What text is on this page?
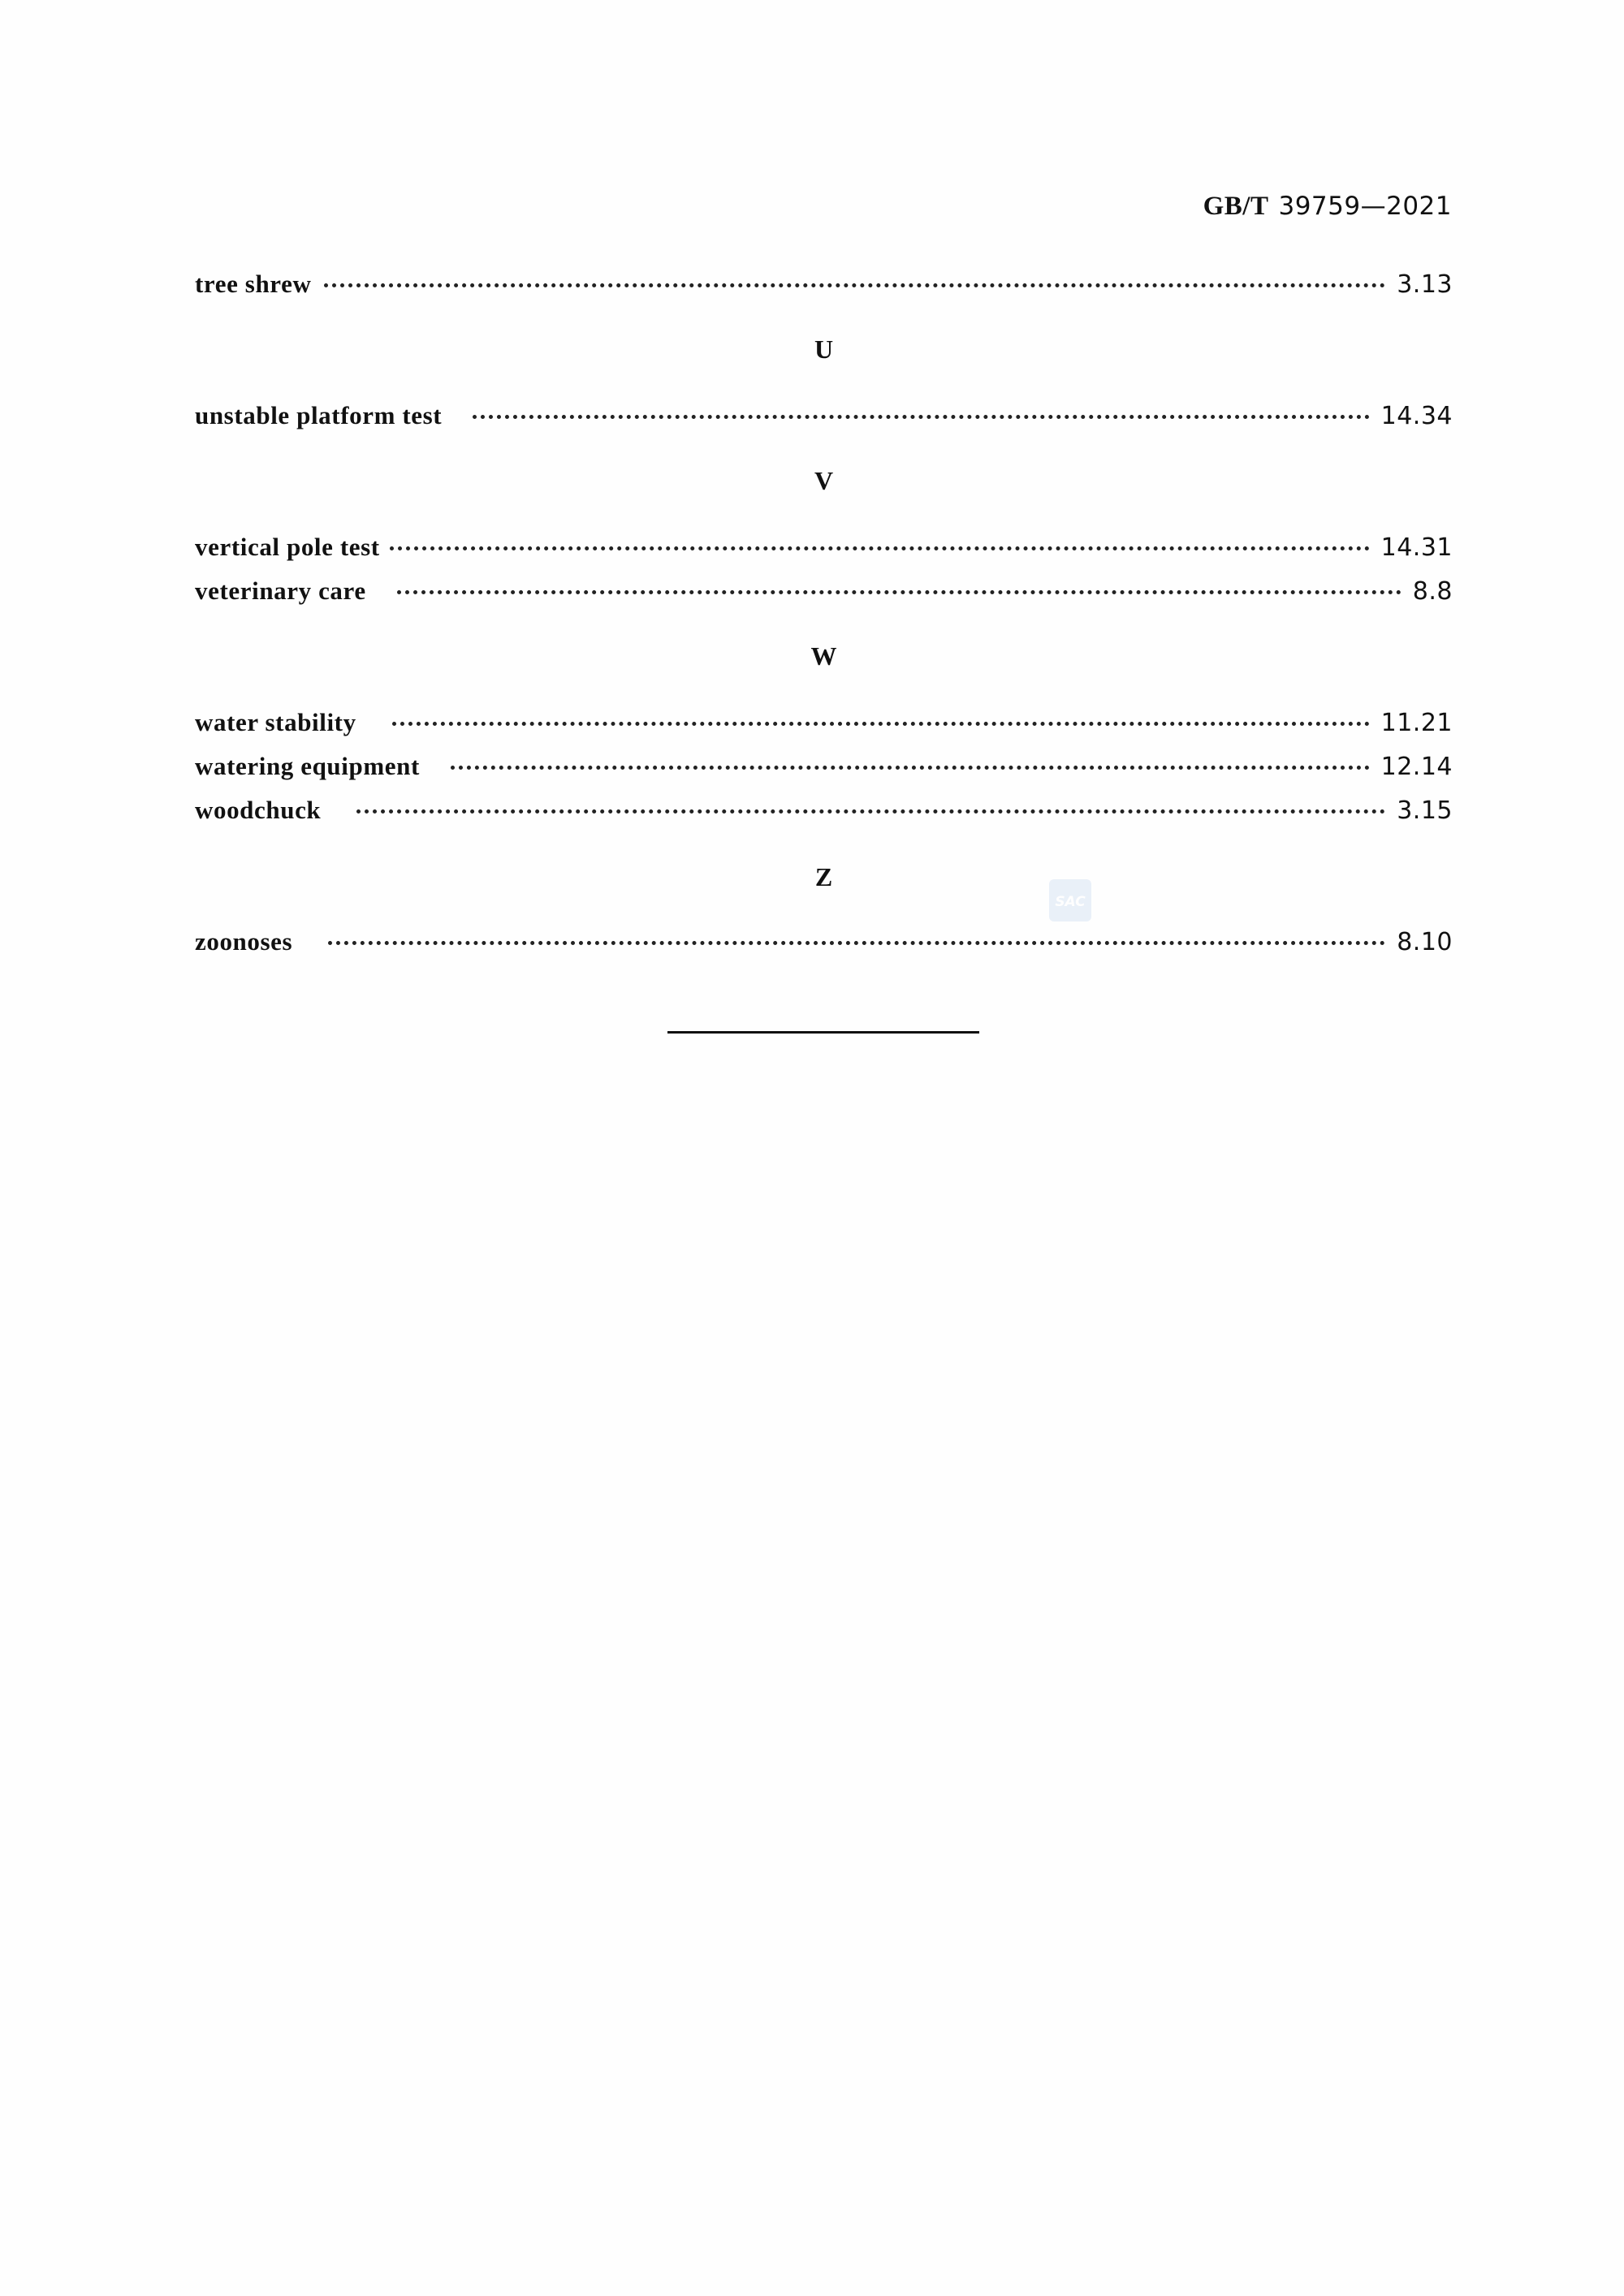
GB/T 39759—2021
tree shrew	3.13
U
unstable platform test	14.34
V
vertical pole test	14.31
veterinary care	8.8
W
water stability	11.21
watering equipment	12.14
woodchuck	3.15
Z
zoonoses	8.10
SAC
